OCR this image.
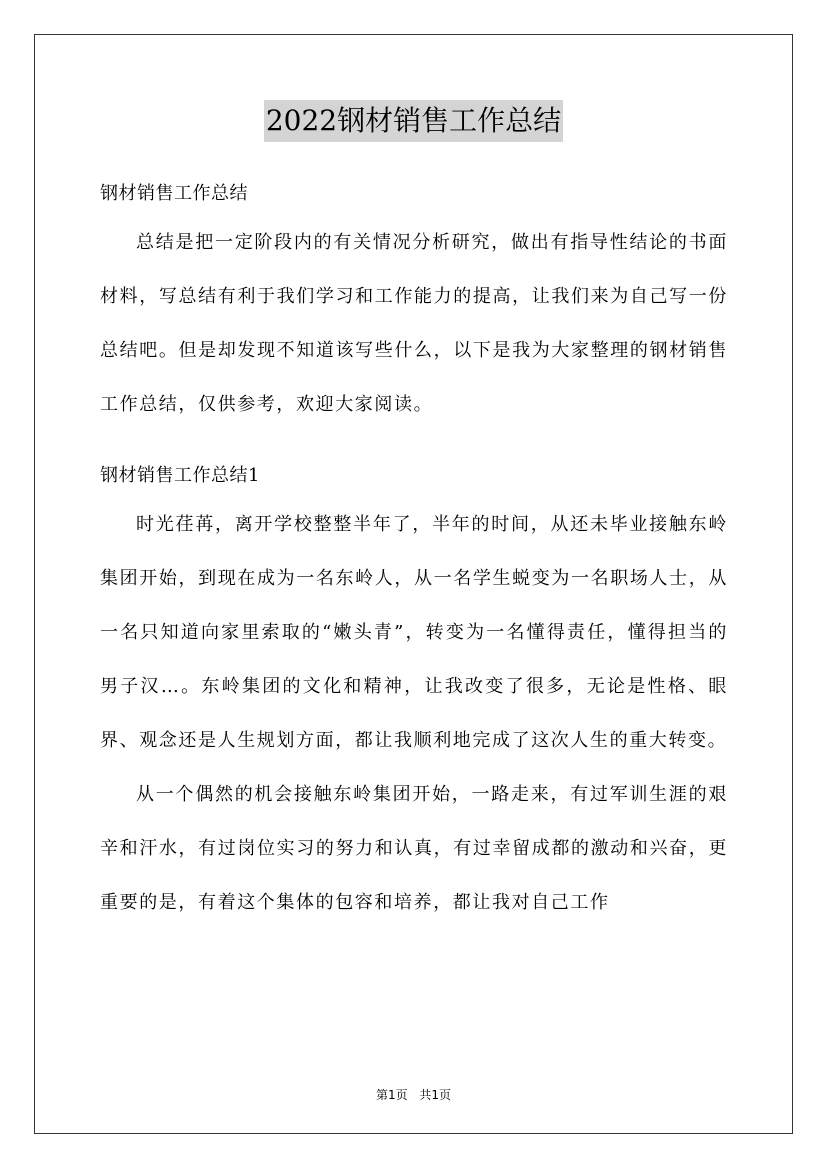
2022钢材销售工作总结
钢材销售工作总结

总结是把一定阶段内的有关情况分析研究，做出有指导性结论的书面材料，写总结有利于我们学习和工作能力的提高，让我们来为自己写一份总结吧。但是却发现不知道该写些什么，以下是我为大家整理的钢材销售工作总结，仅供参考，欢迎大家阅读。

钢材销售工作总结1

时光荏苒，离开学校整整半年了，半年的时间，从还未毕业接触东岭集团开始，到现在成为一名东岭人，从一名学生蜕变为一名职场人士，从一名只知道向家里索取的“嫩头青”，转变为一名懂得责任，懂得担当的男子汉…。东岭集团的文化和精神，让我改变了很多，无论是性格、眼界、观念还是人生规划方面，都让我顺利地完成了这次人生的重大转变。

从一个偶然的机会接触东岭集团开始，一路走来，有过军训生涯的艰辛和汗水，有过岗位实习的努力和认真，有过幸留成都的激动和兴奋，更重要的是，有着这个集体的包容和培养，都让我对自己工作

第1页 共1页
